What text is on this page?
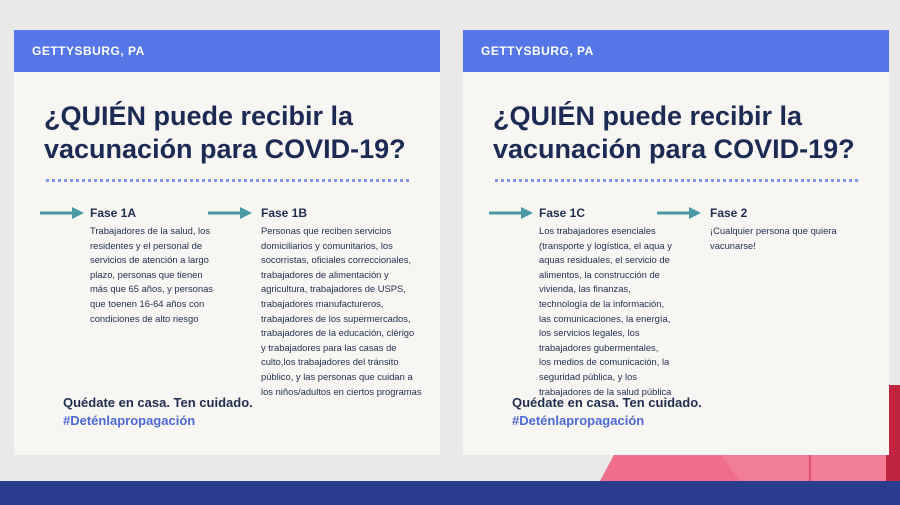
GETTYSBURG, PA
¿QUIÉN puede recibir la vacunación para COVID-19?
Fase 1A
Trabajadores de la salud, los
residentes y el personal de
servicios de atención a largo
plazo, personas que tienen
más que 65 años, y personas
que toenen 16-64 años con
condiciones de alto riesgo
Fase 1B
Personas que reciben servicios
domiciliarios y comunitarios, los
socorristas, oficiales correccionales,
trabajadores de alimentación y
agricultura, trabajadores de USPS,
trabajadores manufactureros,
trabajadores de los supermercados,
trabajadores de la educación, clérigo
y trabajadores para las casas de
culto,los trabajadores del tránsito
público, y las personas que cuidan a
los niños/adultos en ciertos programas
Quédate en casa. Ten cuidado.
#Deténlapropagación
GETTYSBURG, PA
¿QUIÉN puede recibir la vacunación para COVID-19?
Fase 1C
Los trabajadores esenciales
(transporte y logística, el aqua y
aquas residuales, el servicio de
alimentos, la construcción de
vivienda, las finanzas,
technología de la información,
las comunicaciones, la energía,
los servicios legales, los
trabajadores gubermentales,
los medios de comunicación, la
seguridad pública, y los
trabajadores de la salud pública
Fase 2
¡Cualquier persona que quiera
vacunarse!
Quédate en casa. Ten cuidado.
#Deténlapropagación
